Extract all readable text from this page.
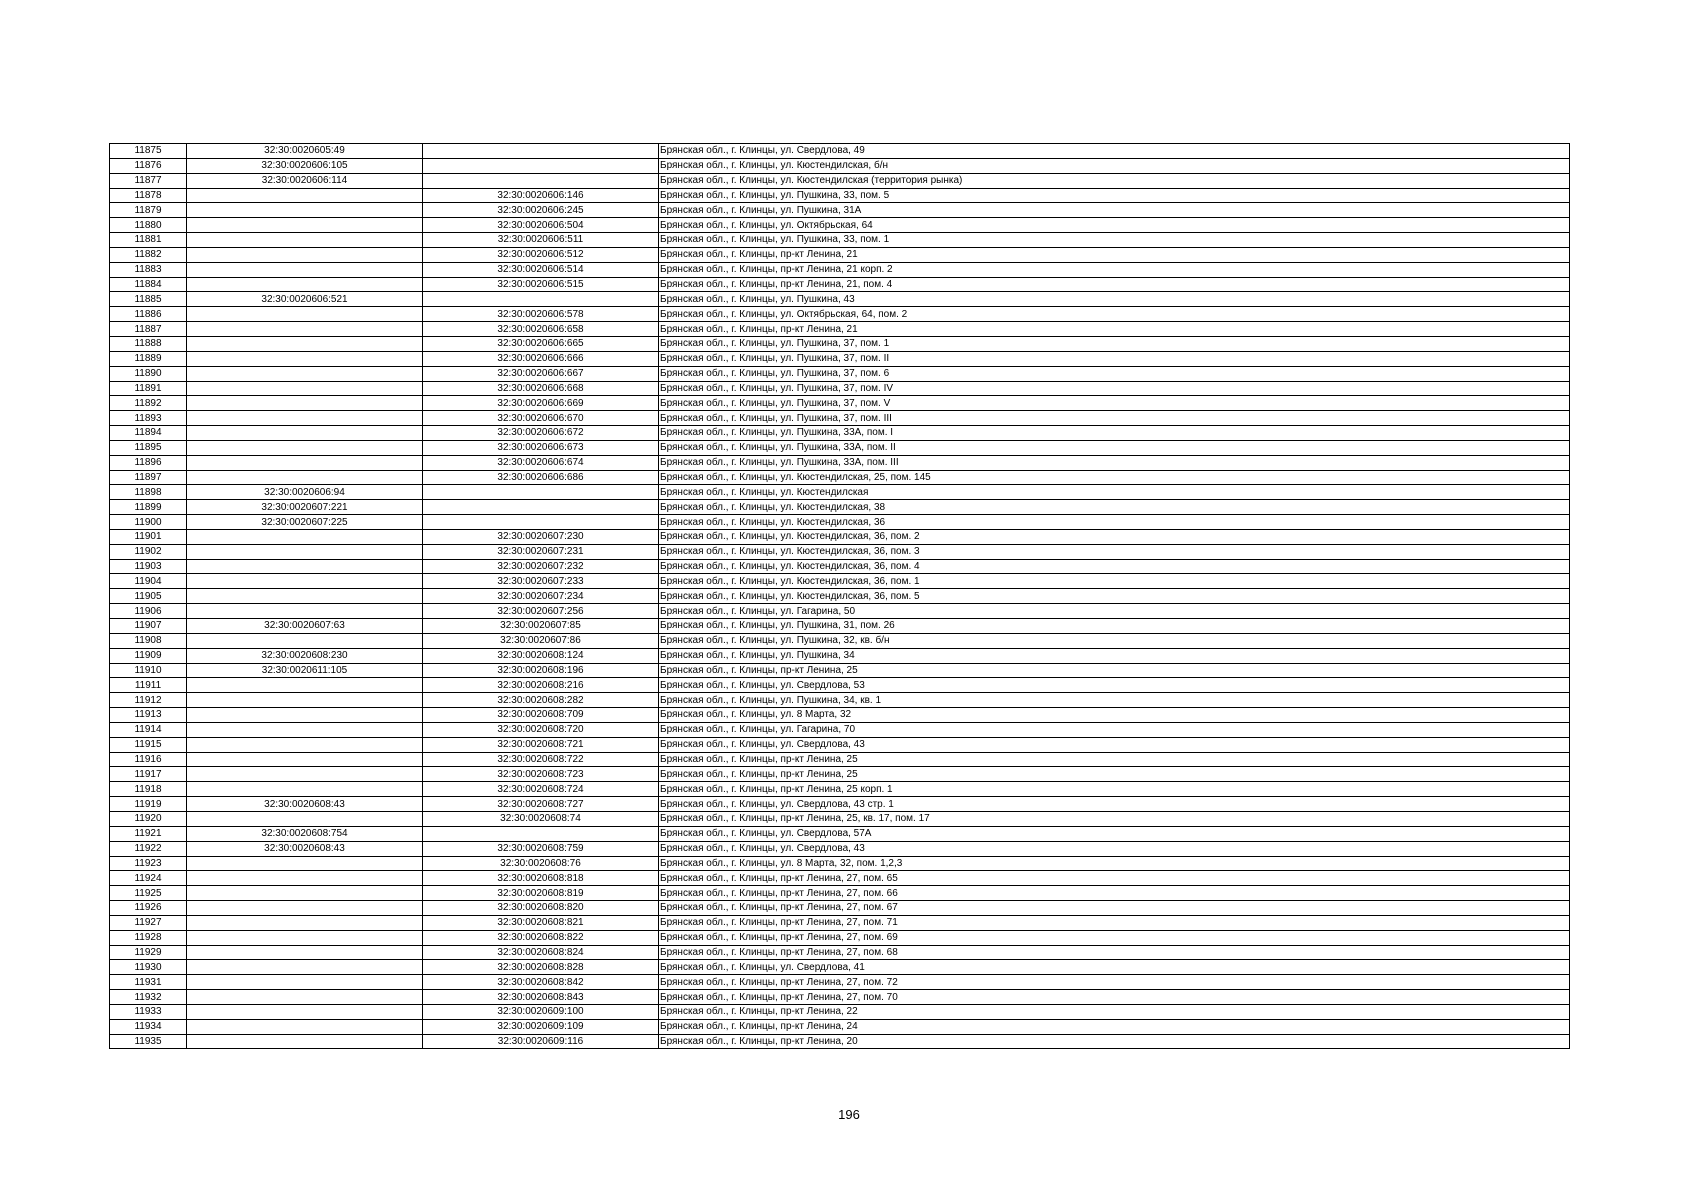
11875	32:30:0020605:49		Брянская обл., г. Клинцы, ул. Свердлова, 49
11876	32:30:0020606:105		Брянская обл., г. Клинцы, ул. Кюстендилская, б/н
11877	32:30:0020606:114		Брянская обл., г. Клинцы, ул. Кюстендилская (территория рынка)
11878		32:30:0020606:146	Брянская обл., г. Клинцы, ул. Пушкина, 33, пом. 5
11879		32:30:0020606:245	Брянская обл., г. Клинцы, ул. Пушкина, 31А
11880		32:30:0020606:504	Брянская обл., г. Клинцы, ул. Октябрьская, 64
11881		32:30:0020606:511	Брянская обл., г. Клинцы, ул. Пушкина, 33, пом. 1
11882		32:30:0020606:512	Брянская обл., г. Клинцы, пр-кт Ленина, 21
11883		32:30:0020606:514	Брянская обл., г. Клинцы, пр-кт Ленина, 21 корп. 2
11884		32:30:0020606:515	Брянская обл., г. Клинцы, пр-кт Ленина, 21, пом. 4
11885	32:30:0020606:521		Брянская обл., г. Клинцы, ул. Пушкина, 43
11886		32:30:0020606:578	Брянская обл., г. Клинцы, ул. Октябрьская, 64, пом. 2
11887		32:30:0020606:658	Брянская обл., г. Клинцы, пр-кт Ленина, 21
11888		32:30:0020606:665	Брянская обл., г. Клинцы, ул. Пушкина, 37, пом. 1
11889		32:30:0020606:666	Брянская обл., г. Клинцы, ул. Пушкина, 37, пом. II
11890		32:30:0020606:667	Брянская обл., г. Клинцы, ул. Пушкина, 37, пом. 6
11891		32:30:0020606:668	Брянская обл., г. Клинцы, ул. Пушкина, 37, пом. IV
11892		32:30:0020606:669	Брянская обл., г. Клинцы, ул. Пушкина, 37, пом. V
11893		32:30:0020606:670	Брянская обл., г. Клинцы, ул. Пушкина, 37, пом. III
11894		32:30:0020606:672	Брянская обл., г. Клинцы, ул. Пушкина, 33А, пом. I
11895		32:30:0020606:673	Брянская обл., г. Клинцы, ул. Пушкина, 33А, пом. II
11896		32:30:0020606:674	Брянская обл., г. Клинцы, ул. Пушкина, 33А, пом. III
11897		32:30:0020606:686	Брянская обл., г. Клинцы, ул. Кюстендилская, 25, пом. 145
11898	32:30:0020606:94		Брянская обл., г. Клинцы, ул. Кюстендилская
11899	32:30:0020607:221		Брянская обл., г. Клинцы, ул. Кюстендилская, 38
11900	32:30:0020607:225		Брянская обл., г. Клинцы, ул. Кюстендилская, 36
11901		32:30:0020607:230	Брянская обл., г. Клинцы, ул. Кюстендилская, 36, пом. 2
11902		32:30:0020607:231	Брянская обл., г. Клинцы, ул. Кюстендилская, 36, пом. 3
11903		32:30:0020607:232	Брянская обл., г. Клинцы, ул. Кюстендилская, 36, пом. 4
11904		32:30:0020607:233	Брянская обл., г. Клинцы, ул. Кюстендилская, 36, пом. 1
11905		32:30:0020607:234	Брянская обл., г. Клинцы, ул. Кюстендилская, 36, пом. 5
11906		32:30:0020607:256	Брянская обл., г. Клинцы, ул. Гагарина, 50
11907	32:30:0020607:63	32:30:0020607:85	Брянская обл., г. Клинцы, ул. Пушкина, 31, пом. 26
11908		32:30:0020607:86	Брянская обл., г. Клинцы, ул. Пушкина, 32, кв. б/н
11909	32:30:0020608:230	32:30:0020608:124	Брянская обл., г. Клинцы, ул. Пушкина, 34
11910	32:30:0020611:105	32:30:0020608:196	Брянская обл., г. Клинцы, пр-кт Ленина, 25
11911		32:30:0020608:216	Брянская обл., г. Клинцы, ул. Свердлова, 53
11912		32:30:0020608:282	Брянская обл., г. Клинцы, ул. Пушкина, 34, кв. 1
11913		32:30:0020608:709	Брянская обл., г. Клинцы, ул. 8 Марта, 32
11914		32:30:0020608:720	Брянская обл., г. Клинцы, ул. Гагарина, 70
11915		32:30:0020608:721	Брянская обл., г. Клинцы, ул. Свердлова, 43
11916		32:30:0020608:722	Брянская обл., г. Клинцы, пр-кт Ленина, 25
11917		32:30:0020608:723	Брянская обл., г. Клинцы, пр-кт Ленина, 25
11918		32:30:0020608:724	Брянская обл., г. Клинцы, пр-кт Ленина, 25 корп. 1
11919	32:30:0020608:43	32:30:0020608:727	Брянская обл., г. Клинцы, ул. Свердлова, 43 стр. 1
11920		32:30:0020608:74	Брянская обл., г. Клинцы, пр-кт Ленина, 25, кв. 17, пом. 17
11921	32:30:0020608:754		Брянская обл., г. Клинцы, ул. Свердлова, 57А
11922	32:30:0020608:43	32:30:0020608:759	Брянская обл., г. Клинцы, ул. Свердлова, 43
11923		32:30:0020608:76	Брянская обл., г. Клинцы, ул. 8 Марта, 32, пом. 1,2,3
11924		32:30:0020608:818	Брянская обл., г. Клинцы, пр-кт Ленина, 27, пом. 65
11925		32:30:0020608:819	Брянская обл., г. Клинцы, пр-кт Ленина, 27, пом. 66
11926		32:30:0020608:820	Брянская обл., г. Клинцы, пр-кт Ленина, 27, пом. 67
11927		32:30:0020608:821	Брянская обл., г. Клинцы, пр-кт Ленина, 27, пом. 71
11928		32:30:0020608:822	Брянская обл., г. Клинцы, пр-кт Ленина, 27, пом. 69
11929		32:30:0020608:824	Брянская обл., г. Клинцы, пр-кт Ленина, 27, пом. 68
11930		32:30:0020608:828	Брянская обл., г. Клинцы, ул. Свердлова, 41
11931		32:30:0020608:842	Брянская обл., г. Клинцы, пр-кт Ленина, 27, пом. 72
11932		32:30:0020608:843	Брянская обл., г. Клинцы, пр-кт Ленина, 27, пом. 70
11933		32:30:0020609:100	Брянская обл., г. Клинцы, пр-кт Ленина, 22
11934		32:30:0020609:109	Брянская обл., г. Клинцы, пр-кт Ленина, 24
11935		32:30:0020609:116	Брянская обл., г. Клинцы, пр-кт Ленина, 20
196
